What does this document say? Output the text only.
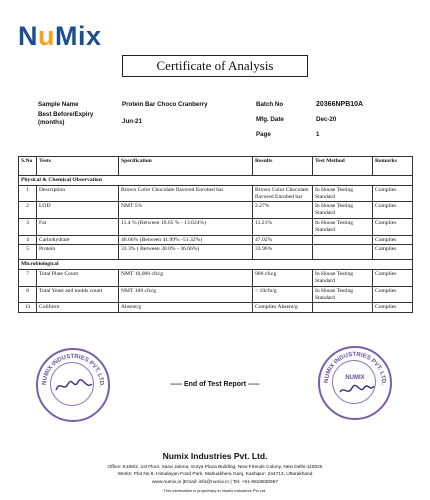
NuMix
Certificate of Analysis
Sample Name	Protein Bar Choco Cranberry	Batch No	20366NPB10A
Best Before/Expiry (months)	Jun-21	Mfg. Date	Dec-20
Page	1
S.No	Tests	Specification	Results	Test Method	Remarks
Physical & Chemical Observation					
1	Description	Brown Color Chocolate flavored Enrobed bar	Brown Color Chocolate flavored Enrobed bar	In House Testing Standard	Complies
2	LOD	NMT 5%	2.27%	In House Testing Standard	Complies
3	Fat	11.4 % (Between 10.65 % - 13.024%)	11.21%	In House Testing Standard	Complies
4	Carbohydrate	46.66% (Between 41.99% -51.32%)	47.02%		Complies
5	Protein	33.3% ( Between 30.0% - 36.66%)	33.96%		Complies
Microbiological					
7	Total Plate Count	NMT 10,000 cfu/g	900 cfu/g	In House Testing Standard	Complies
8	Total Yeast and molds count	NMT 100 cfu/g	< 10cfu/g	In House Testing Standard	Complies
13	Coliform	Absent/g	Complies Absent/g		Complies
NUMIX INDUSTRIES PVT. LTD.
NUMIX INDUSTRIES PVT. LTD.
NUMIX
----- End of Test Report -----
Numix Industries Pvt. Ltd.
Office: K185/2, 1st Floor, Sarai Julena, Surya Plaza Building, New Friends Colony, New Delhi-110025
Works: Plot No 6, Himalayan Food Park, Mahuakhera Ganj, Kashipur- 244713, Uttarakhand
www.numix.in |Email: info@numix.in | Tel: +91-9818830967
This information is proprietary to Numix Industries Pvt Ltd.
